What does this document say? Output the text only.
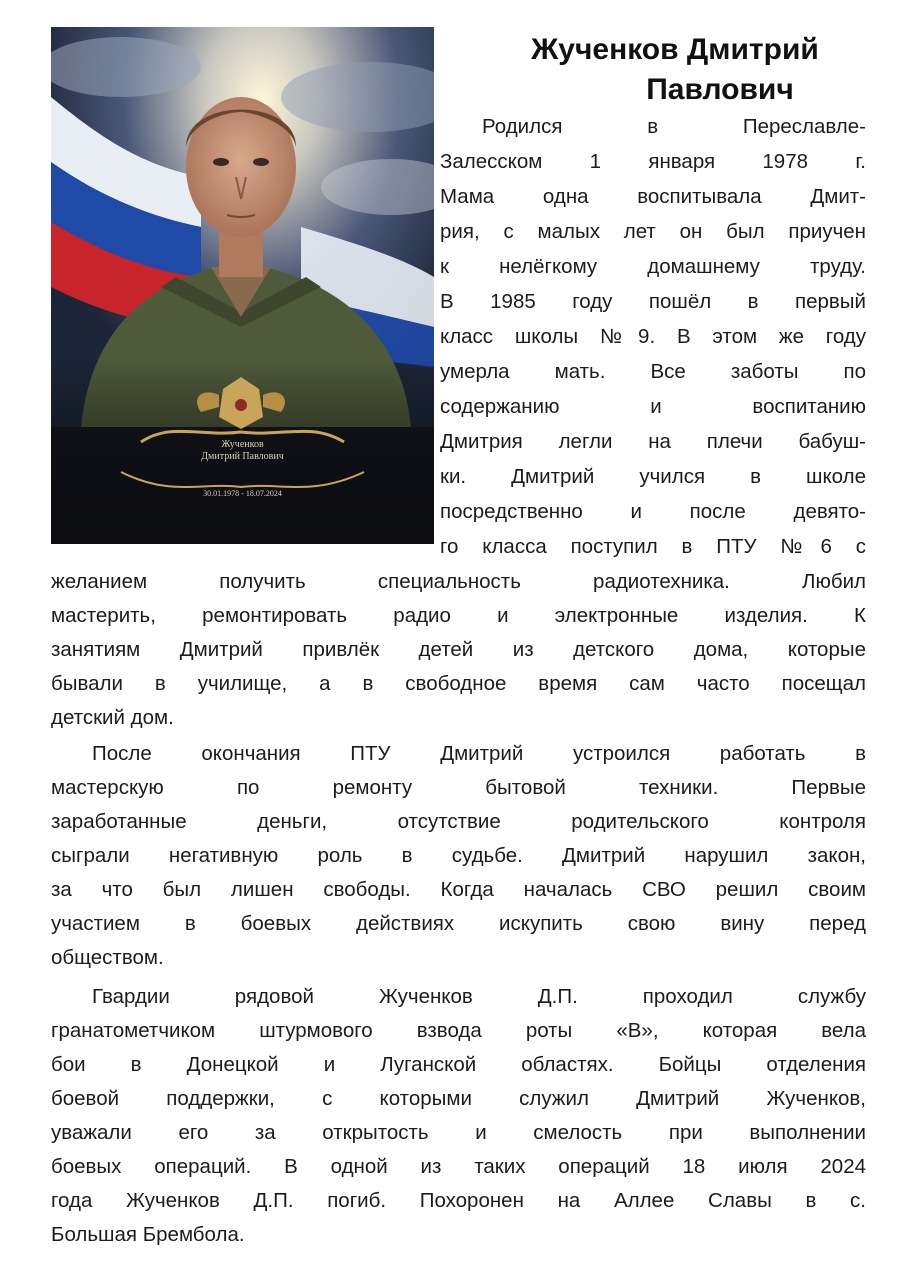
Жученков
Дмитрий Павлович
30.01.1978 - 18.07.2024
Жученков Дмитрий
Павлович
Родился в Переславле-
Залесском 1 января 1978 г.
Мама одна воспитывала Дмит-
рия, с малых лет он был приучен
к нелёгкому домашнему труду.
В 1985 году пошёл в первый
класс школы №9. В этом же году
умерла мать. Все заботы по
содержанию и воспитанию
Дмитрия легли на плечи бабуш-
ки. Дмитрий учился в школе
посредственно и после девято-
го класса поступил в ПТУ №6 с
желанием получить специальность радиотехника. Любил
мастерить, ремонтировать радио и электронные изделия. К
занятиям Дмитрий привлёк детей из детского дома, которые
бывали в училище, а в свободное время сам часто посещал
детский дом.
После окончания ПТУ Дмитрий устроился работать в
мастерскую по ремонту бытовой техники. Первые
заработанные деньги, отсутствие родительского контроля
сыграли негативную роль в судьбе. Дмитрий нарушил закон,
за что был лишен свободы. Когда началась СВО решил своим
участием в боевых действиях искупить свою вину перед
обществом.
Гвардии рядовой Жученков Д.П. проходил службу
гранатометчиком штурмового взвода роты «В», которая вела
бои в Донецкой и Луганской областях. Бойцы отделения
боевой поддержки, с которыми служил Дмитрий Жученков,
уважали его за открытость и смелость при выполнении
боевых операций. В одной из таких операций 18 июля 2024
года Жученков Д.П. погиб. Похоронен на Аллее Славы в с.
Большая Брембола.
